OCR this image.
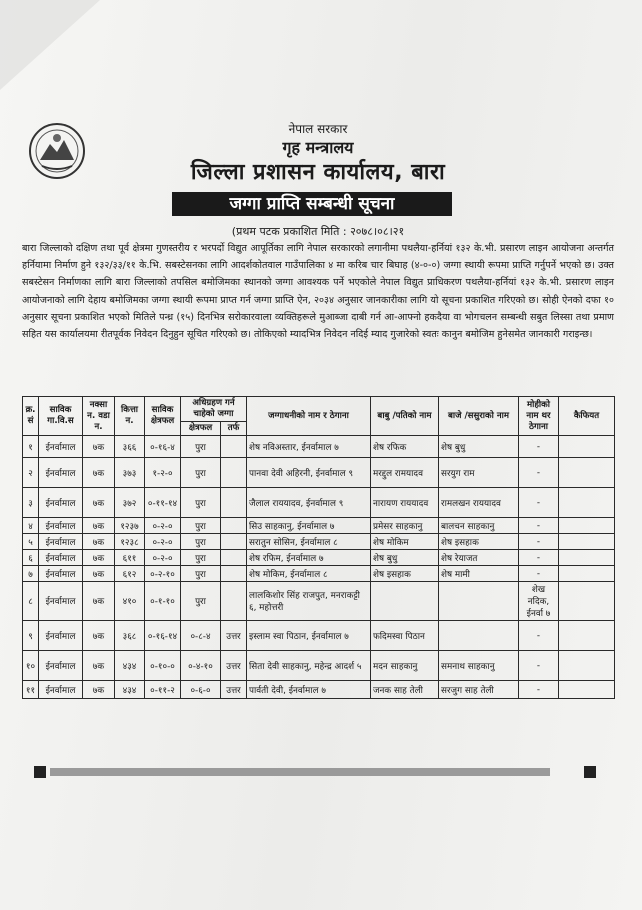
नेपाल सरकार
गृह मन्त्रालय
जिल्ला प्रशासन कार्यालय, बारा
जग्गा प्राप्ति सम्बन्धी सूचना
(प्रथम पटक प्रकाशित मिति : २०७८।०८।२१
बारा जिल्लाको दक्षिण तथा पूर्व क्षेत्रमा गुणस्तरीय र भरपर्दो विद्युत आपूर्तिका लागि नेपाल सरकारको लगानीमा पथलैया-हर्नियां १३२ के.भी. प्रसारण लाइन आयोजना अन्तर्गत हर्नियामा निर्माण हुने १३२/३३/११ के.भि. सबस्टेसनका लागि आदर्शकोतवाल गाउँपालिका ४ मा करिब चार बिघाह (४-०-०) जग्गा स्थायी रूपमा प्राप्ति गर्नुपर्ने भएको छ। उक्त सबस्टेसन निर्माणका लागि बारा जिल्लाको तपसिल बमोजिमका स्थानको जग्गा आवश्यक पर्ने भएकोले नेपाल विद्युत प्राधिकरण पथलैया-हर्नियां १३२ के.भी. प्रसारण लाइन आयोजनाको लागि देहाय बमोजिमका जग्गा स्थायी रूपमा प्राप्त गर्न जग्गा प्राप्ति ऐन, २०३४ अनुसार जानकारीका लागि यो सूचना प्रकाशित गरिएको छ। सोही ऐनको दफा १० अनुसार सूचना प्रकाशित भएको मितिले पन्ध्र (१५) दिनभित्र सरोकारवाला व्यक्तिहरूले मुआब्जा दाबी गर्न आ-आफ्नो हकदैया वा भोगचलन सम्बन्धी सबुत लिस्सा तथा प्रमाण सहित यस कार्यालयमा रीतपूर्वक निवेदन दिनुहुन सूचित गरिएको छ। तोकिएको म्यादभित्र निवेदन नदिई म्याद गुजारेको स्वतः कानुन बमोजिम हुनेसमेत जानकारी गराइन्छ।
क्र. सं	साविक गा.वि.स	नक्सा न. वडा न.	कित्ता न.	साविक क्षेत्रफल	अधिग्रहण गर्न चाहेको जग्गा		जग्गाधनीको नाम र ठेगाना	बाबु /पतिको नाम	बाजे /ससुराको नाम	मोहीको नाम थर ठेगाना	कैफियत
					क्षेत्रफल	तर्फ					
१	ईनर्वामाल	७क	३६६	०-१६-४	पुरा		शेष नविअस्तार, ईनर्वामाल ७	शेष रफिक	शेष बुधु	-	
२	ईनर्वामाल	७क	३७३	१-२-०	पुरा		पानवा देवी अहिरनी, ईनर्वामाल ९	मरद्दुल रामयादव	सरयुग राम	-	
३	ईनर्वामाल	७क	३७२	०-११-१४	पुरा		जैलाल राययादव, ईनर्वामाल ९	नारायण राययादव	रामलखन राययादव	-	
४	ईनर्वामाल	७क	१२३७	०-२-०	पुरा		सिउ साहकानु, ईनर्वामाल ७	प्रमेसर साहकानु	बालचन साहकानु	-	
५	ईनर्वामाल	७क	१२३८	०-२-०	पुरा		सरातुन सोसिन, ईनर्वामाल ८	शेष मोकिम	शेष इसहाक	-	
६	ईनर्वामाल	७क	६११	०-२-०	पुरा		शेष रफिम, ईनर्वामाल ७	शेष बुधु	शेष रेयाजत	-	
७	ईनर्वामाल	७क	६१२	०-२-१०	पुरा		शेष मोकिम, ईनर्वामाल ८	शेष इसहाक	शेष मामी	-	
८	ईनर्वामाल	७क	४१०	०-१-१०	पुरा		लालकिशोर सिंह राजपुत, मनराकट्टी ६, महोत्तरी			शेख नदिक, ईनर्वा ७	
९	ईनर्वामाल	७क	३६८	०-१६-१४	०-८-४	उत्तर	इस्लाम स्वा पिठान, ईनर्वामाल ७	फदिमस्वा पिठान		-	
१०	ईनर्वामाल	७क	४३४	०-१०-०	०-४-१०	उत्तर	सिता देवी साहकानु, महेन्द्र आदर्श ५	मदन साहकानु	समनाथ साहकानु	-	
११	ईनर्वामाल	७क	४३४	०-११-२	०-६-०	उत्तर	पार्वती देवी, ईनर्वामाल ७	जनक साह तेली	सरजुग साह तेली	-	
